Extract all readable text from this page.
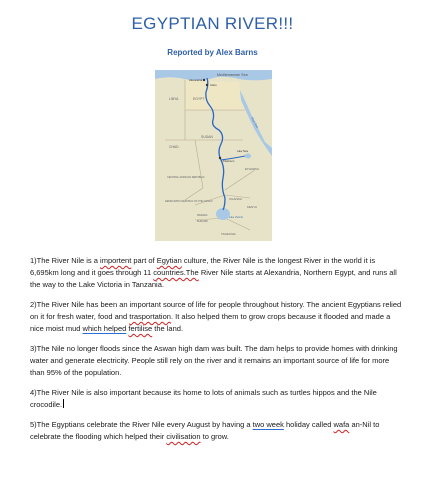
EGYPTIAN RIVER!!!
Reported by Alex Barns
Mediterranean Sea
Alexandria
Cairo
LIBYA	EGYPT
Red Sea
CHAD
SUDAN
ETHIOPIA
CENTRAL AFRICAN REPUBLIC
DEMOCRATIC REPUBLIC OF THE CONGO
Khartoum
Lake Tana
UGANDA
KENYA
TANZANIA
Lake Victoria
RWANDA
BURUNDI

1)The River Nile is a importent part of Egytian culture, the River Nile is the longest River in the world it is 6,695km long and it goes through 11 countries.The River Nile starts at Alexandria, Northern Egypt, and runs all the way to the Lake Victoria in Tanzania.

2)The River Nile has been an important source of life for people throughout history. The ancient Egyptians relied on it for fresh water, food and trasportation. It also helped them to grow crops because it flooded and made a nice moist mud which helped fertilise the land.

3)The Nile no longer floods since the Aswan high dam was built. The dam helps to provide homes with drinking water and generate electricity. People still rely on the river and it remains an important source of life for more than 95% of the population.

4)The River Nile is also important because its home to lots of animals such as turtles hippos and the Nile crocodile.

5)The Egyptians celebrate the River Nile every August by having a two week holiday called wafa an-Nil to celebrate the flooding which helped their civilisation to grow.
